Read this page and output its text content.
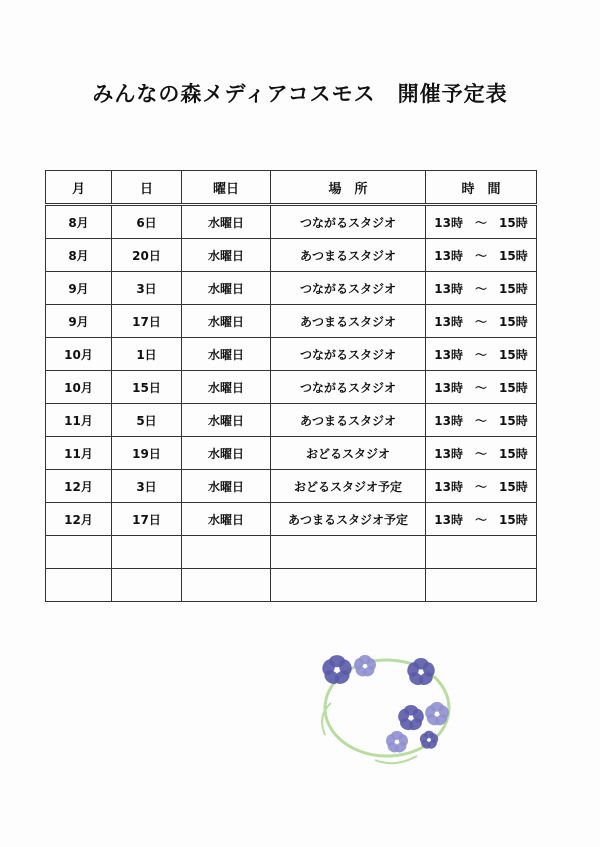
みんなの森メディアコスモス　開催予定表
月	日	曜日	場　所	時　間
8月	6日	水曜日	つながるスタジオ	13時　～　15時
8月	20日	水曜日	あつまるスタジオ	13時　～　15時
9月	3日	水曜日	つながるスタジオ	13時　～　15時
9月	17日	水曜日	あつまるスタジオ	13時　～　15時
10月	1日	水曜日	つながるスタジオ	13時　～　15時
10月	15日	水曜日	つながるスタジオ	13時　～　15時
11月	5日	水曜日	あつまるスタジオ	13時　～　15時
11月	19日	水曜日	おどるスタジオ	13時　～　15時
12月	3日	水曜日	おどるスタジオ予定	13時　～　15時
12月	17日	水曜日	あつまるスタジオ予定	13時　～　15時
